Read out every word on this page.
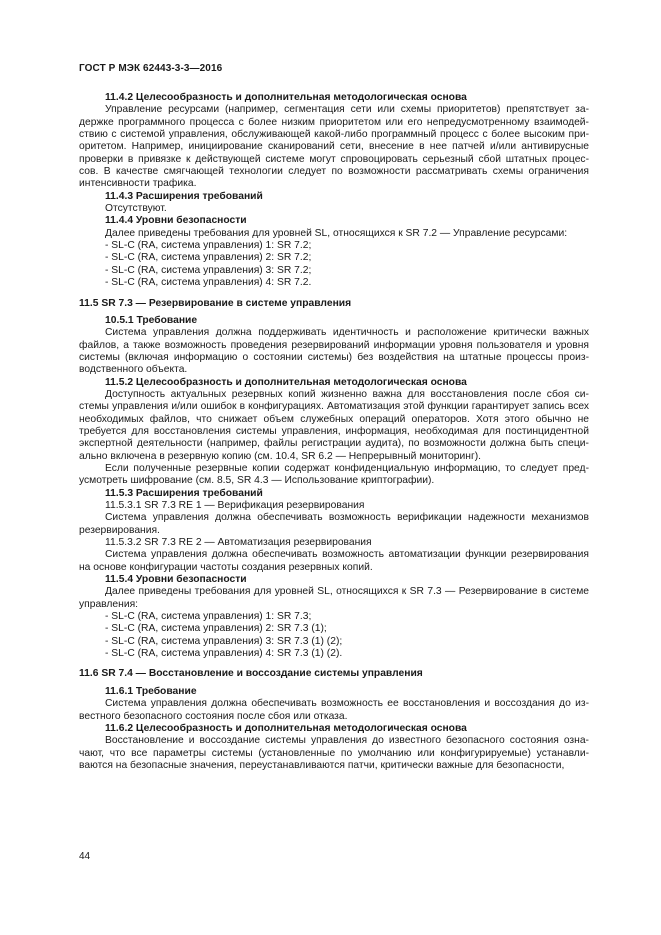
ГОСТ Р МЭК 62443-3-3—2016
11.4.2 Целесообразность и дополнительная методологическая основа
Управление ресурсами (например, сегментация сети или схемы приоритетов) препятствует за- держке программного процесса с более низким приоритетом или его непредусмотренному взаимодей- ствию с системой управления, обслуживающей какой-либо программный процесс с более высоким при- оритетом. Например, инициирование сканирований сети, внесение в нее патчей и/или антивирусные проверки в привязке к действующей системе могут спровоцировать серьезный сбой штатных процес- сов. В качестве смягчающей технологии следует по возможности рассматривать схемы ограничения интенсивности трафика.
11.4.3 Расширения требований
Отсутствуют.
11.4.4 Уровни безопасности
Далее приведены требования для уровней SL, относящихся к SR 7.2 — Управление ресурсами:
- SL-C (RA, система управления) 1: SR 7.2;
- SL-C (RA, система управления) 2: SR 7.2;
- SL-C (RA, система управления) 3: SR 7.2;
- SL-C (RA, система управления) 4: SR 7.2.
11.5 SR 7.3 — Резервирование в системе управления
10.5.1 Требование
Система управления должна поддерживать идентичность и расположение критически важных файлов, а также возможность проведения резервирований информации уровня пользователя и уровня системы (включая информацию о состоянии системы) без воздействия на штатные процессы произ- водственного объекта.
11.5.2 Целесообразность и дополнительная методологическая основа
Доступность актуальных резервных копий жизненно важна для восстановления после сбоя си- стемы управления и/или ошибок в конфигурациях. Автоматизация этой функции гарантирует запись всех необходимых файлов, что снижает объем служебных операций операторов. Хотя этого обычно не требуется для восстановления системы управления, информация, необходимая для постинцидентной экспертной деятельности (например, файлы регистрации аудита), по возможности должна быть специ- ально включена в резервную копию (см. 10.4, SR 6.2 — Непрерывный мониторинг).
Если полученные резервные копии содержат конфиденциальную информацию, то следует пред- усмотреть шифрование (см. 8.5, SR 4.3 — Использование криптографии).
11.5.3 Расширения требований
11.5.3.1 SR 7.3 RE 1 — Верификация резервирования
Система управления должна обеспечивать возможность верификации надежности механизмов резервирования.
11.5.3.2 SR 7.3 RE 2 — Автоматизация резервирования
Система управления должна обеспечивать возможность автоматизации функции резервирования на основе конфигурации частоты создания резервных копий.
11.5.4 Уровни безопасности
Далее приведены требования для уровней SL, относящихся к SR 7.3 — Резервирование в системе управления:
- SL-C (RA, система управления) 1: SR 7.3;
- SL-C (RA, система управления) 2: SR 7.3 (1);
- SL-C (RA, система управления) 3: SR 7.3 (1) (2);
- SL-C (RA, система управления) 4: SR 7.3 (1) (2).
11.6 SR 7.4 — Восстановление и воссоздание системы управления
11.6.1 Требование
Система управления должна обеспечивать возможность ее восстановления и воссоздания до из- вестного безопасного состояния после сбоя или отказа.
11.6.2 Целесообразность и дополнительная методологическая основа
Восстановление и воссоздание системы управления до известного безопасного состояния озна- чают, что все параметры системы (установленные по умолчанию или конфигурируемые) устанавли- ваются на безопасные значения, переустанавливаются патчи, критически важные для безопасности,
44
